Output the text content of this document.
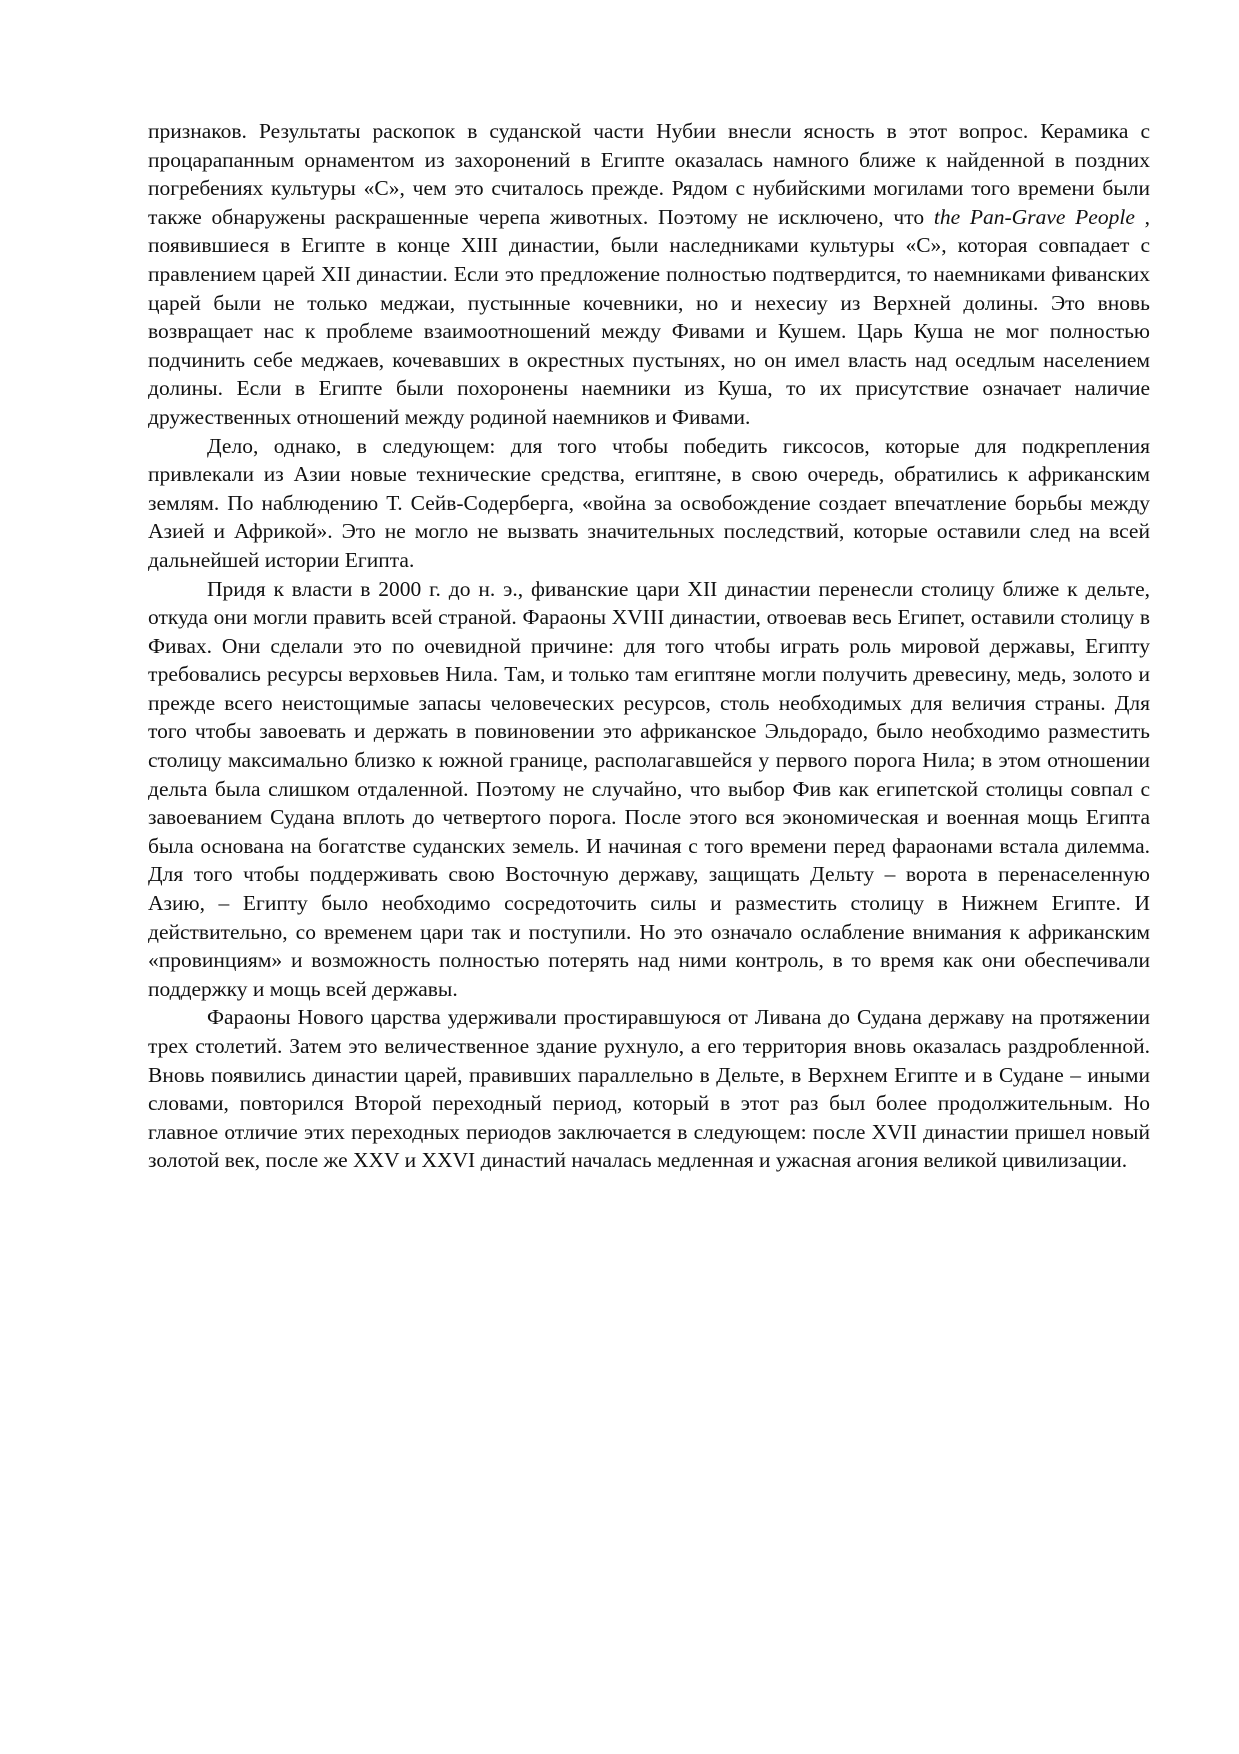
признаков. Результаты раскопок в суданской части Нубии внесли ясность в этот вопрос. Керамика с процарапанным орнаментом из захоронений в Египте оказалась намного ближе к найденной в поздних погребениях культуры «С», чем это считалось прежде. Рядом с нубийскими могилами того времени были также обнаружены раскрашенные черепа животных. Поэтому не исключено, что the Pan-Grave People , появившиеся в Египте в конце XIII династии, были наследниками культуры «С», которая совпадает с правлением царей XII династии. Если это предложение полностью подтвердится, то наемниками фиванских царей были не только меджаи, пустынные кочевники, но и нехесиу из Верхней долины. Это вновь возвращает нас к проблеме взаимоотношений между Фивами и Кушем. Царь Куша не мог полностью подчинить себе меджаев, кочевавших в окрестных пустынях, но он имел власть над оседлым населением долины. Если в Египте были похоронены наемники из Куша, то их присутствие означает наличие дружественных отношений между родиной наемников и Фивами.

Дело, однако, в следующем: для того чтобы победить гиксосов, которые для подкрепления привлекали из Азии новые технические средства, египтяне, в свою очередь, обратились к африканским землям. По наблюдению Т. Сейв-Содерберга, «война за освобождение создает впечатление борьбы между Азией и Африкой». Это не могло не вызвать значительных последствий, которые оставили след на всей дальнейшей истории Египта.

Придя к власти в 2000 г. до н. э., фиванские цари XII династии перенесли столицу ближе к дельте, откуда они могли править всей страной. Фараоны XVIII династии, отвоевав весь Египет, оставили столицу в Фивах. Они сделали это по очевидной причине: для того чтобы играть роль мировой державы, Египту требовались ресурсы верховьев Нила. Там, и только там египтяне могли получить древесину, медь, золото и прежде всего неистощимые запасы человеческих ресурсов, столь необходимых для величия страны. Для того чтобы завоевать и держать в повиновении это африканское Эльдорадо, было необходимо разместить столицу максимально близко к южной границе, располагавшейся у первого порога Нила; в этом отношении дельта была слишком отдаленной. Поэтому не случайно, что выбор Фив как египетской столицы совпал с завоеванием Судана вплоть до четвертого порога. После этого вся экономическая и военная мощь Египта была основана на богатстве суданских земель. И начиная с того времени перед фараонами встала дилемма. Для того чтобы поддерживать свою Восточную державу, защищать Дельту – ворота в перенаселенную Азию, – Египту было необходимо сосредоточить силы и разместить столицу в Нижнем Египте. И действительно, со временем цари так и поступили. Но это означало ослабление внимания к африканским «провинциям» и возможность полностью потерять над ними контроль, в то время как они обеспечивали поддержку и мощь всей державы.

Фараоны Нового царства удерживали простиравшуюся от Ливана до Судана державу на протяжении трех столетий. Затем это величественное здание рухнуло, а его территория вновь оказалась раздробленной. Вновь появились династии царей, правивших параллельно в Дельте, в Верхнем Египте и в Судане – иными словами, повторился Второй переходный период, который в этот раз был более продолжительным. Но главное отличие этих переходных периодов заключается в следующем: после XVII династии пришел новый золотой век, после же XXV и XXVI династий началась медленная и ужасная агония великой цивилизации.
